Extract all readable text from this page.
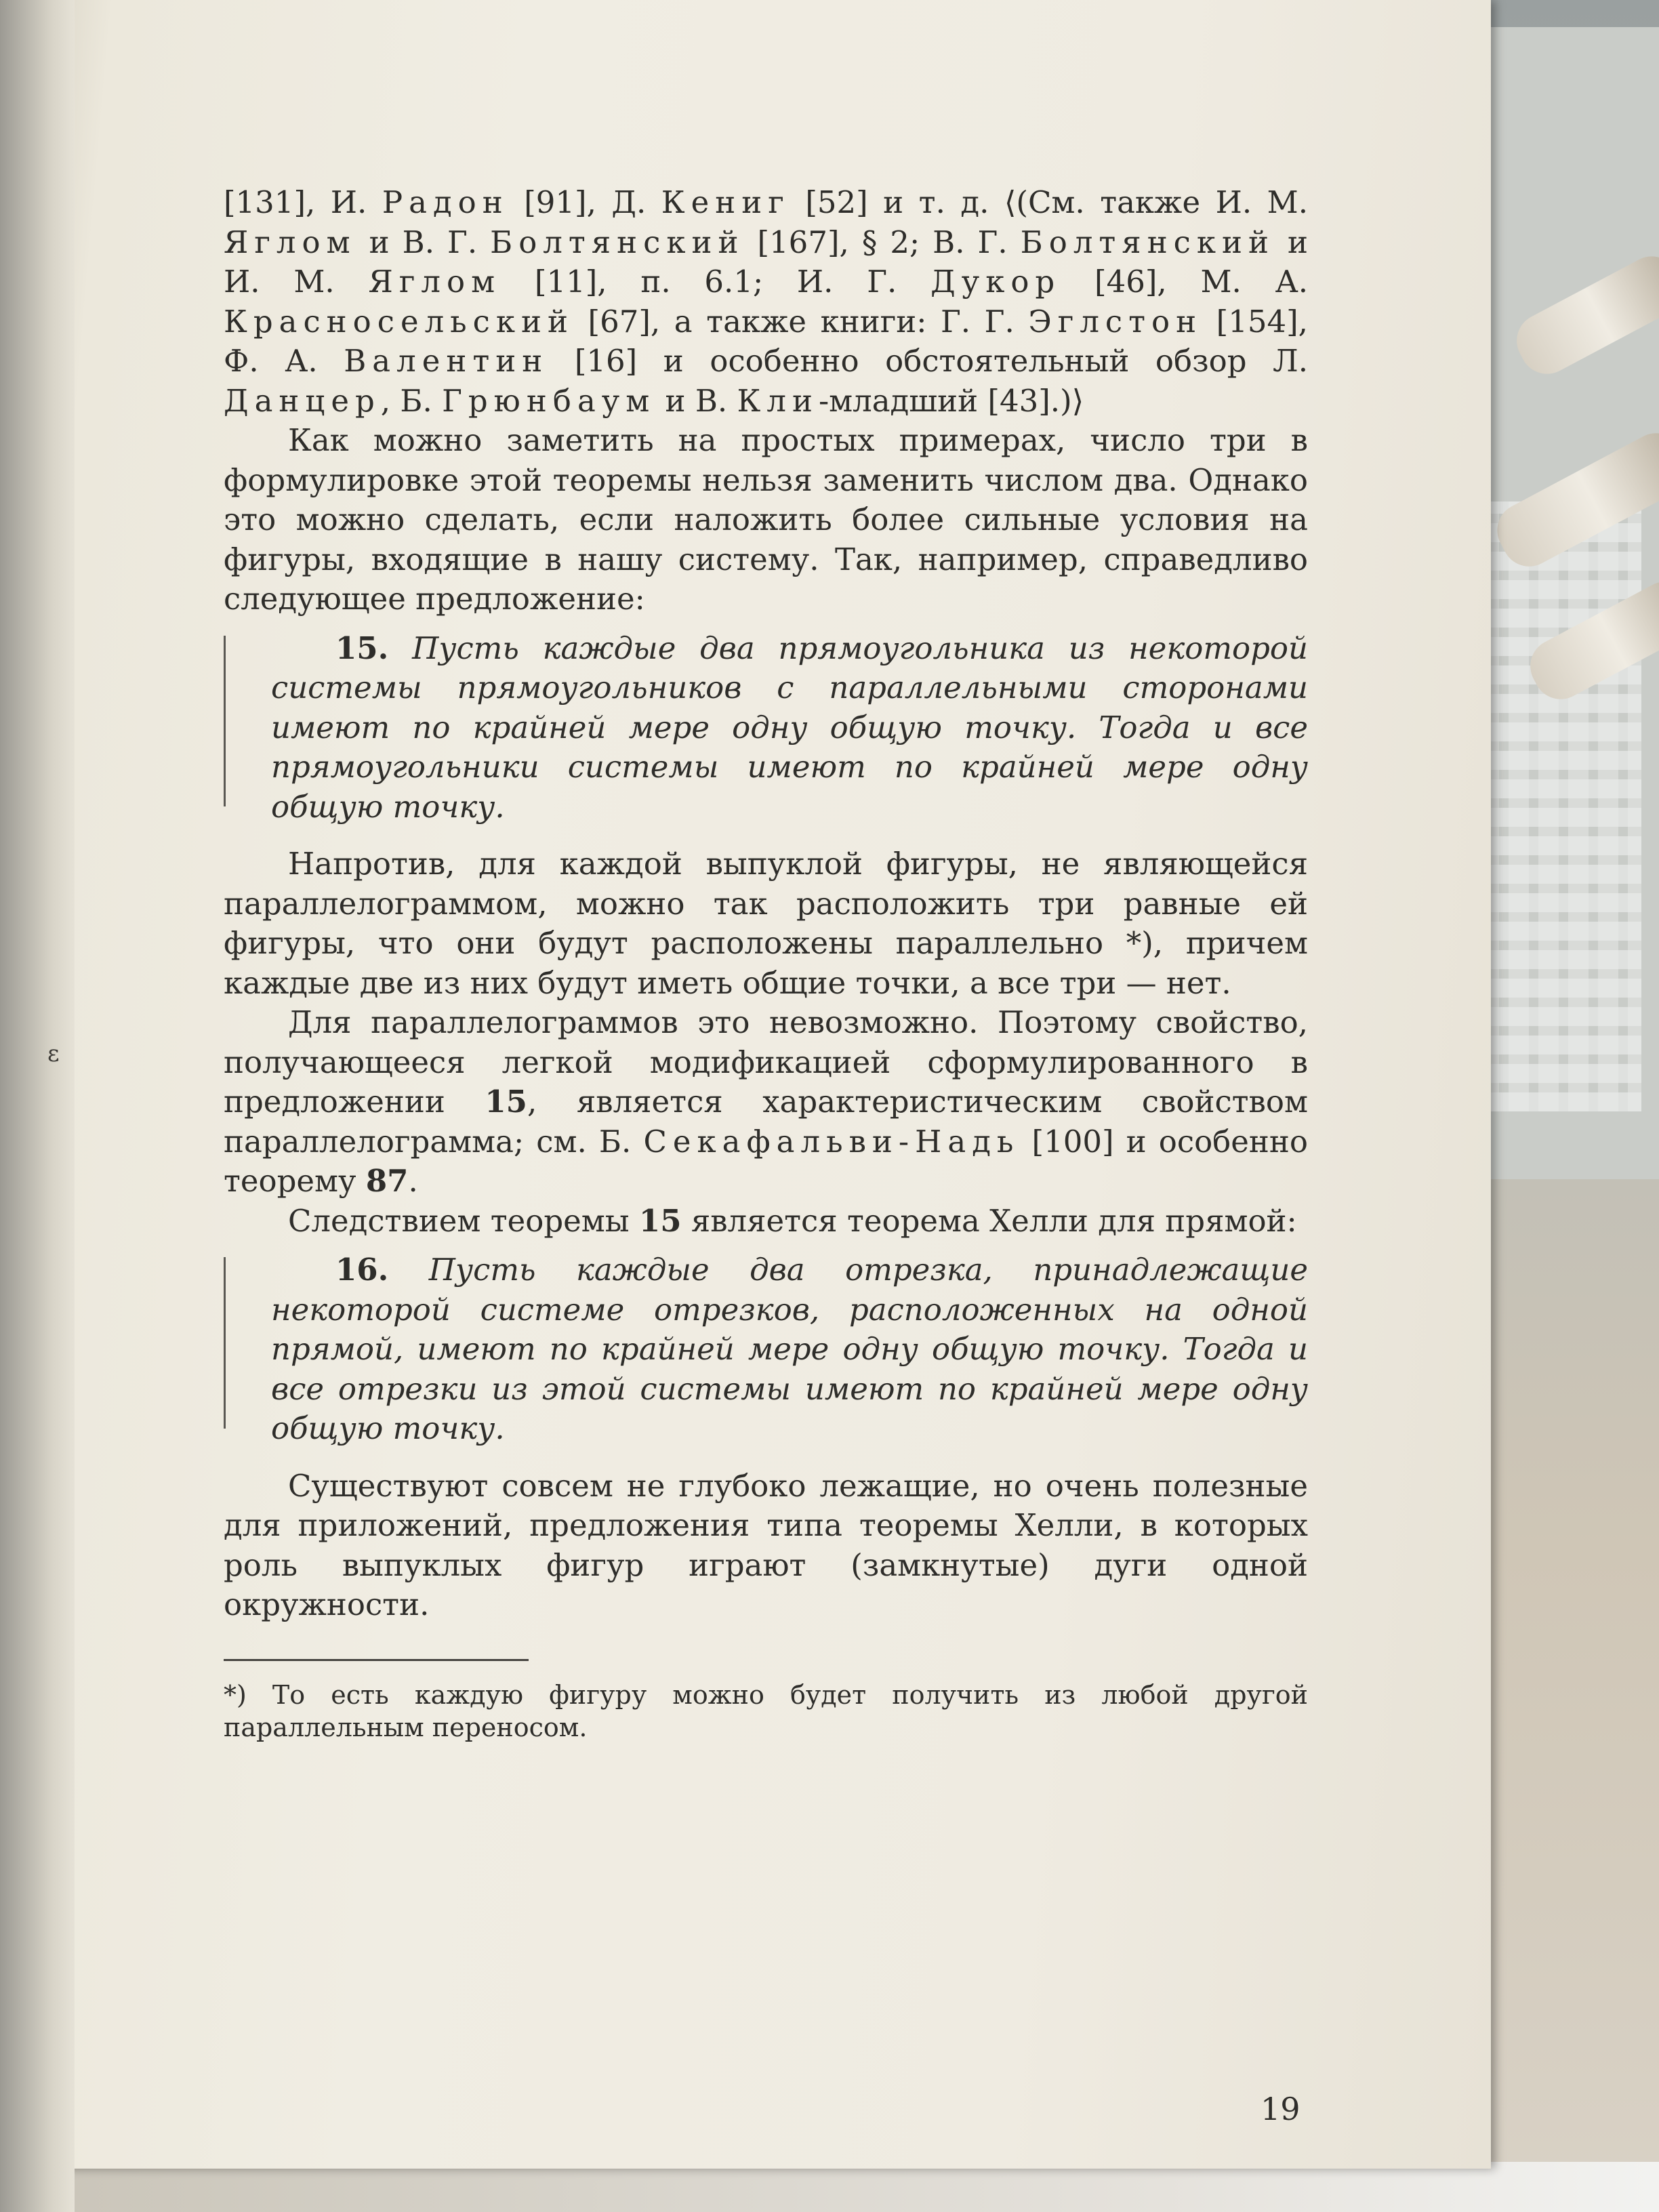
ε

[131], И. Радон [91], Д. Кениг [52] и т. д. ⟨(См. также И. М. Яглом и В. Г. Болтянский [167], § 2; В. Г. Болтянский и И. М. Яглом [11], п. 6.1; И. Г. Дукор [46], М. А. Красносельский [67], а также книги: Г. Г. Эглстон [154], Ф. А. Валентин [16] и особенно обстоятельный обзор Л. Данцер, Б. Грюнбаум и В. Кли-младший [43].)⟩

Как можно заметить на простых примерах, число три в формулировке этой теоремы нельзя заменить числом два. Однако это можно сделать, если наложить более сильные условия на фигуры, входящие в нашу систему. Так, например, справедливо следующее предложение:

15. Пусть каждые два прямоугольника из некоторой системы прямоугольников с параллельными сторонами имеют по крайней мере одну общую точку. Тогда и все прямоугольники системы имеют по крайней мере одну общую точку.

Напротив, для каждой выпуклой фигуры, не являющейся параллелограммом, можно так расположить три равные ей фигуры, что они будут расположены параллельно *), причем каждые две из них будут иметь общие точки, а все три — нет.

Для параллелограммов это невозможно. Поэтому свойство, получающееся легкой модификацией сформулированного в предложении 15, является характеристическим свойством параллелограмма; см. Б. Секафальви-Надь [100] и особенно теорему 87.

Следствием теоремы 15 является теорема Хелли для прямой:

16. Пусть каждые два отрезка, принадлежащие некоторой системе отрезков, расположенных на одной прямой, имеют по крайней мере одну общую точку. Тогда и все отрезки из этой системы имеют по крайней мере одну общую точку.

Существуют совсем не глубоко лежащие, но очень полезные для приложений, предложения типа теоремы Хелли, в которых роль выпуклых фигур играют (замкнутые) дуги одной окружности.

*) То есть каждую фигуру можно будет получить из любой другой параллельным переносом.

19
